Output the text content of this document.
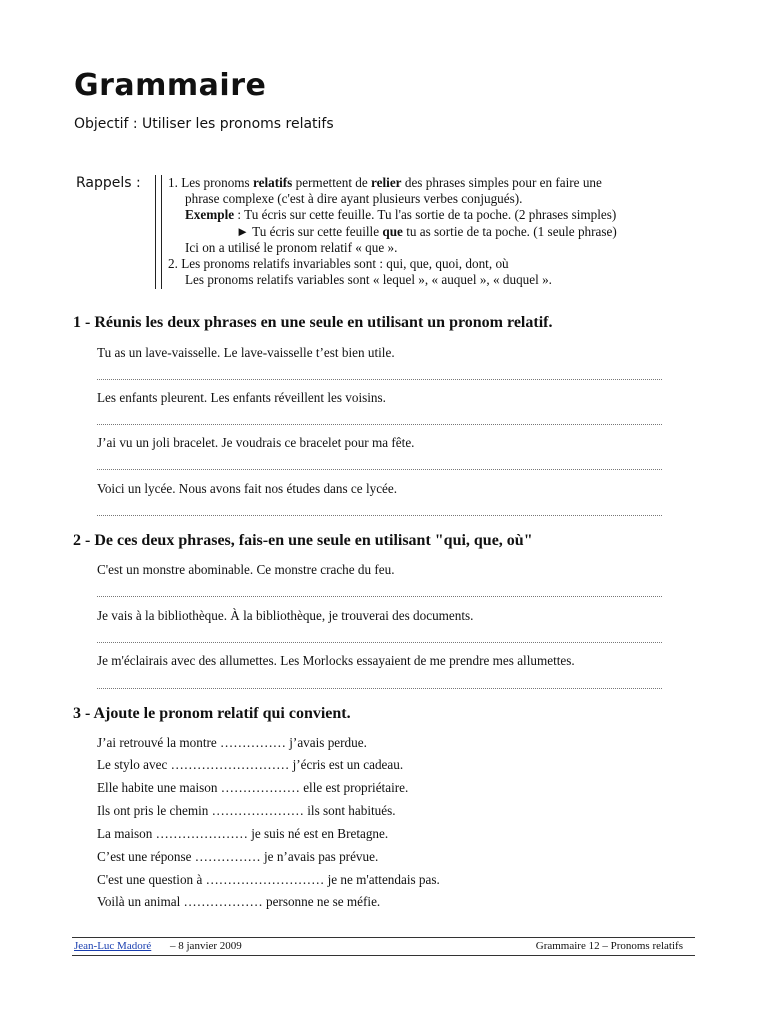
Grammaire
Objectif : Utiliser les pronoms relatifs
Rappels : 1. Les pronoms relatifs permettent de relier des phrases simples pour en faire une
phrase complexe (c'est à dire ayant plusieurs verbes conjugués).
Exemple : Tu écris sur cette feuille. Tu l'as sortie de ta poche. (2 phrases simples)
► Tu écris sur cette feuille que tu as sortie de ta poche. (1 seule phrase)
Ici on a utilisé le pronom relatif « que ».
2. Les pronoms relatifs invariables sont : qui, que, quoi, dont, où
Les pronoms relatifs variables sont « lequel », « auquel », « duquel ».
1 - Réunis les deux phrases en une seule en utilisant un pronom relatif.
Tu as un lave-vaisselle. Le lave-vaisselle t’est bien utile.
Les enfants pleurent. Les enfants réveillent les voisins.
J’ai vu un joli bracelet. Je voudrais ce bracelet pour ma fête.
Voici un lycée. Nous avons fait nos études dans ce lycée.
2 - De ces deux phrases, fais-en une seule en utilisant "qui, que, où"
C'est un monstre abominable. Ce monstre crache du feu.
Je vais à la bibliothèque. À la bibliothèque, je trouverai des documents.
Je m'éclairais avec des allumettes. Les Morlocks essayaient de me prendre mes allumettes.
3 - Ajoute le pronom relatif qui convient.
J’ai retrouvé la montre …………… j’avais perdue.
Le stylo avec ……………………… j’écris est un cadeau.
Elle habite une maison ……………… elle est propriétaire.
Ils ont pris le chemin ………………… ils sont habitués.
La maison ………………… je suis né est en Bretagne.
C’est une réponse …………… je n’avais pas prévue.
C'est une question à ……………………… je ne m'attendais pas.
Voilà un animal ……………… personne ne se méfie.
Jean-Luc Madoré – 8 janvier 2009	Grammaire 12 – Pronoms relatifs
